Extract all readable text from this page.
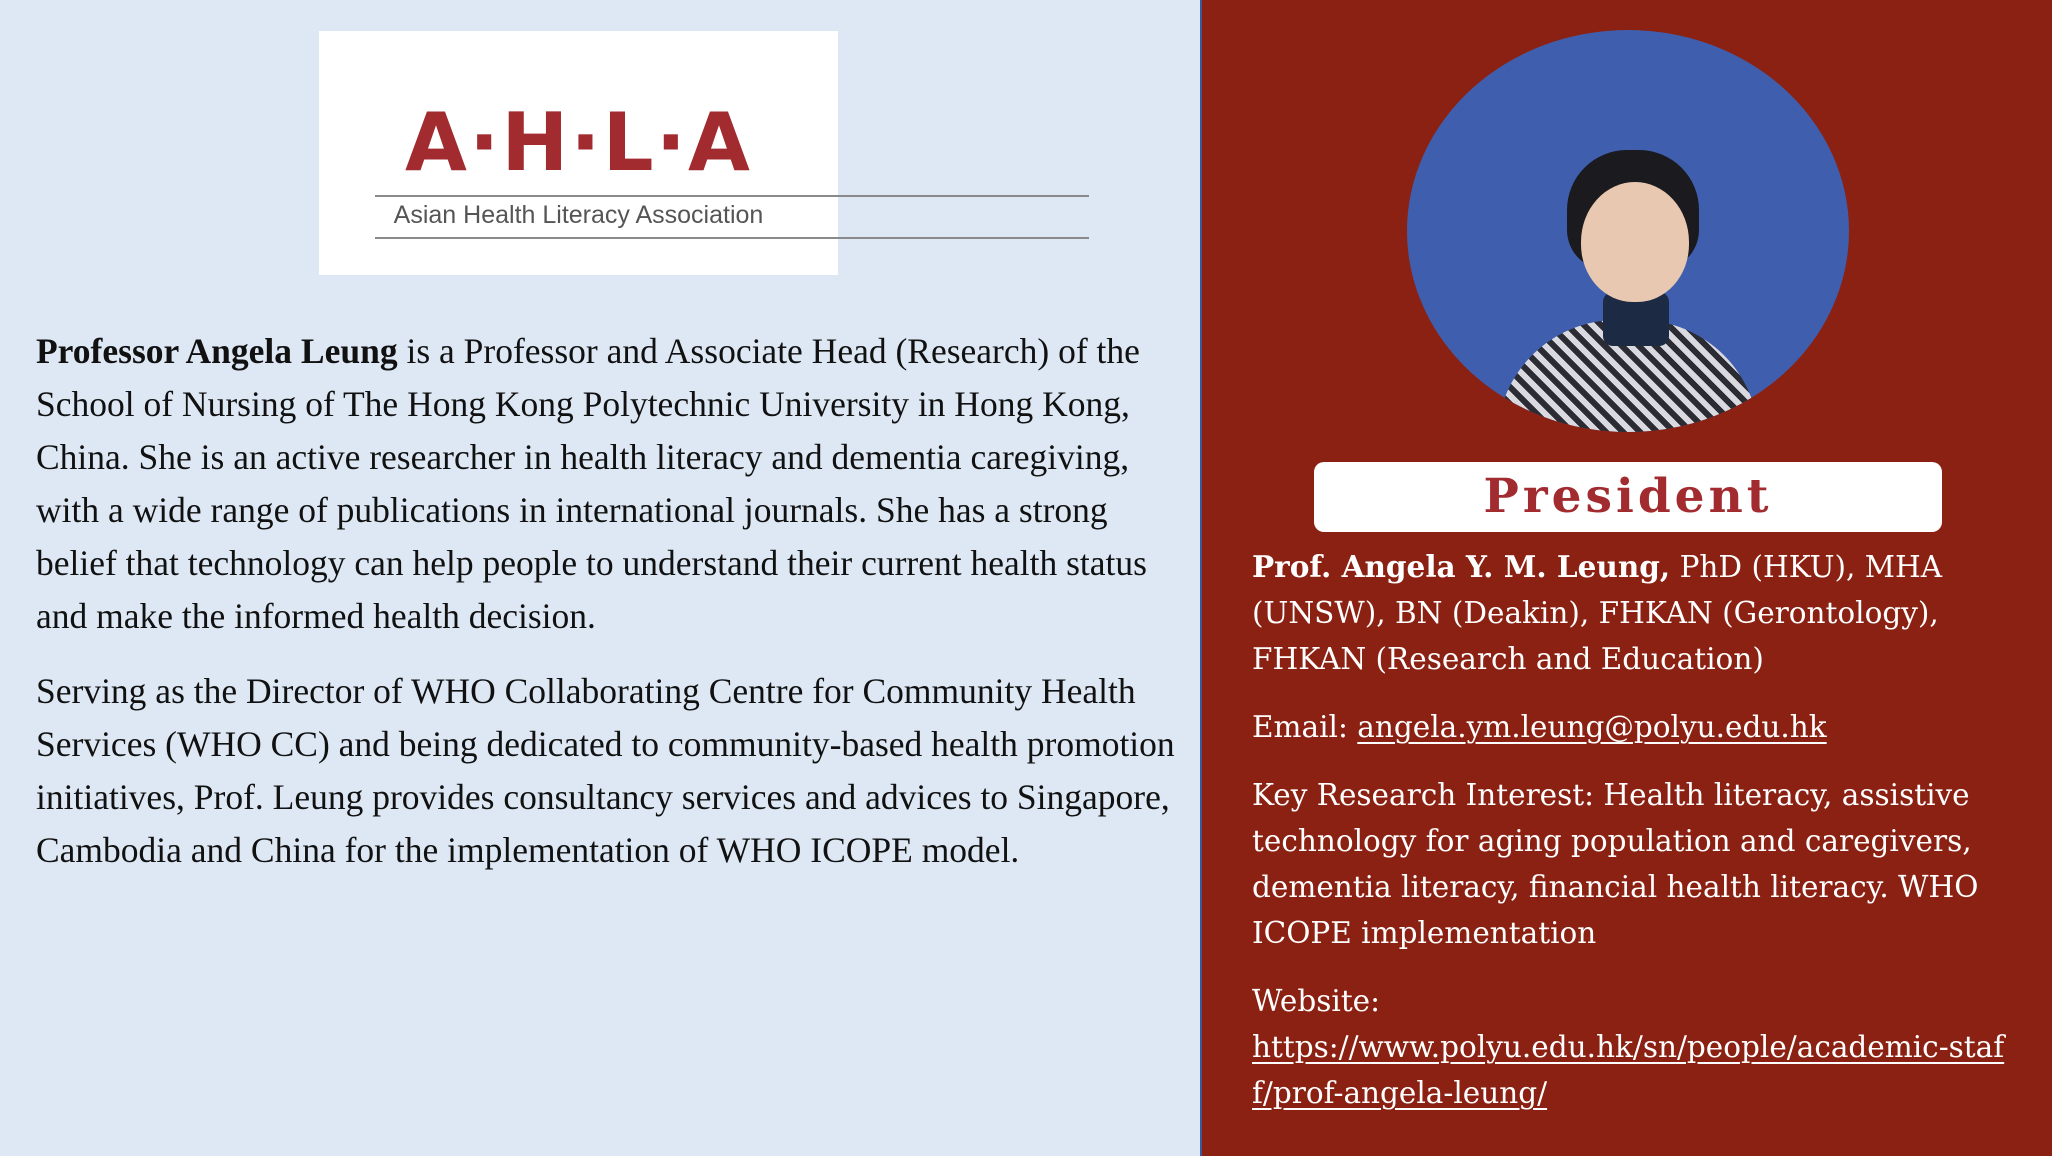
A·H·L·A
Asian Health Literacy Association

Professor Angela Leung is a Professor and Associate Head (Research) of the School of Nursing of The Hong Kong Polytechnic University in Hong Kong, China. She is an active researcher in health literacy and dementia caregiving, with a wide range of publications in international journals. She has a strong belief that technology can help people to understand their current health status and make the informed health decision.

Serving as the Director of WHO Collaborating Centre for Community Health Services (WHO CC) and being dedicated to community-based health promotion initiatives, Prof. Leung provides consultancy services and advices to Singapore, Cambodia and China for the implementation of WHO ICOPE model.

President

Prof. Angela Y. M. Leung, PhD (HKU), MHA (UNSW), BN (Deakin), FHKAN (Gerontology), FHKAN (Research and Education)

Email: angela.ym.leung@polyu.edu.hk

Key Research Interest: Health literacy, assistive technology for aging population and caregivers, dementia literacy, financial health literacy. WHO ICOPE implementation

Website:
https://www.polyu.edu.hk/sn/people/academic-staff/prof-angela-leung/
